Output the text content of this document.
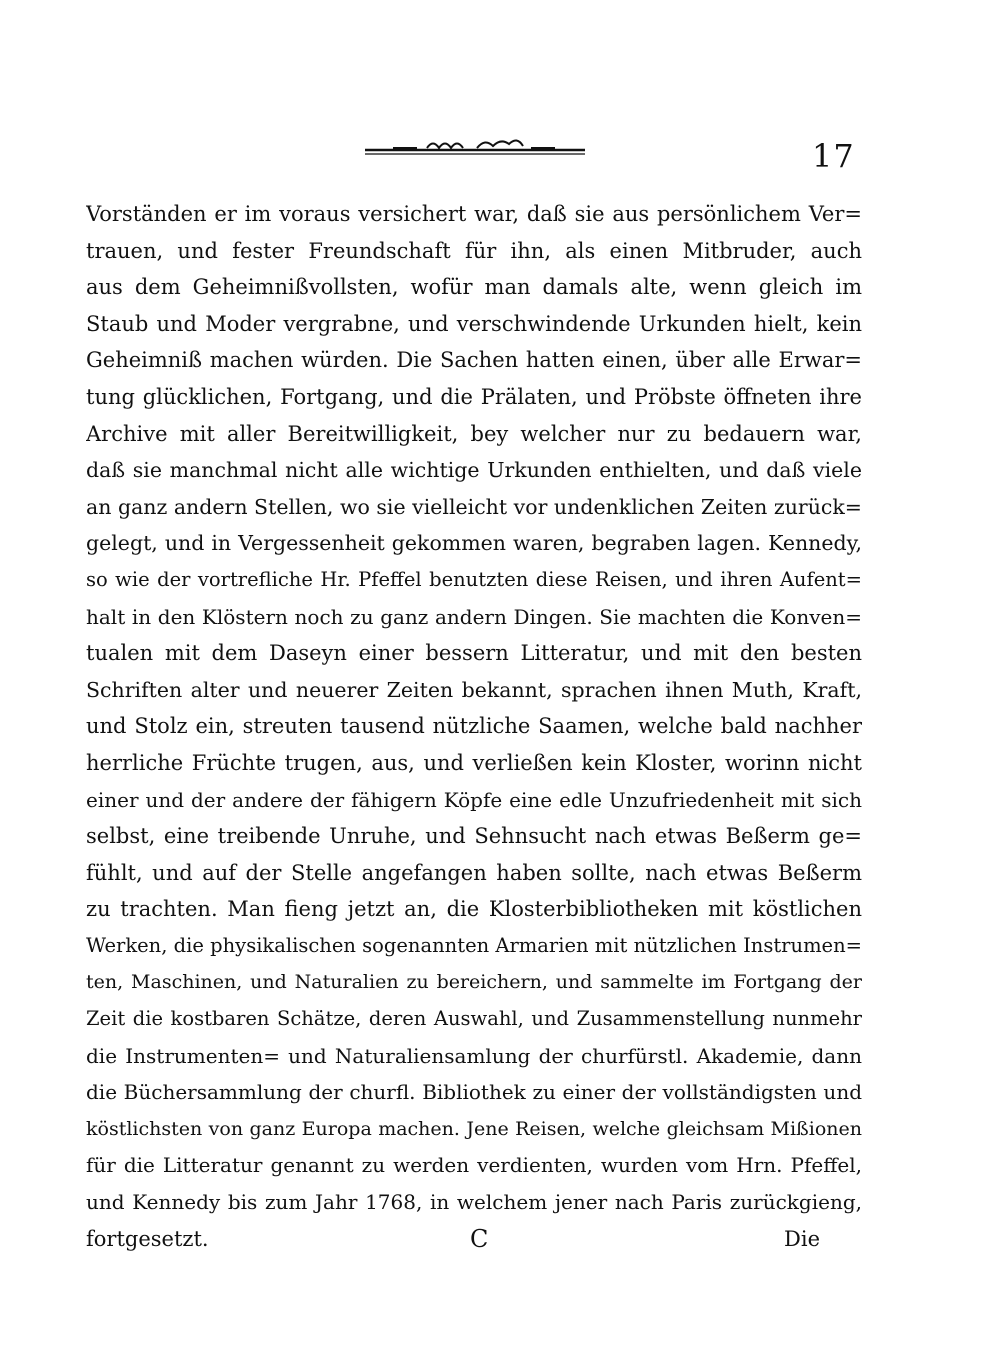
17
Vorständen er im voraus versichert war, daß sie aus persönlichem Ver=
trauen, und fester Freundschaft für ihn, als einen Mitbruder, auch
aus dem Geheimnißvollsten, wofür man damals alte, wenn gleich im
Staub und Moder vergrabne, und verschwindende Urkunden hielt, kein
Geheimniß machen würden. Die Sachen hatten einen, über alle Erwar=
tung glücklichen, Fortgang, und die Prälaten, und Pröbste öffneten ihre
Archive mit aller Bereitwilligkeit, bey welcher nur zu bedauern war,
daß sie manchmal nicht alle wichtige Urkunden enthielten, und daß viele
an ganz andern Stellen, wo sie vielleicht vor undenklichen Zeiten zurück=
gelegt, und in Vergessenheit gekommen waren, begraben lagen. Kennedy,
so wie der vortrefliche Hr. Pfeffel benutzten diese Reisen, und ihren Aufent=
halt in den Klöstern noch zu ganz andern Dingen. Sie machten die Konven=
tualen mit dem Daseyn einer bessern Litteratur, und mit den besten
Schriften alter und neuerer Zeiten bekannt, sprachen ihnen Muth, Kraft,
und Stolz ein, streuten tausend nützliche Saamen, welche bald nachher
herrliche Früchte trugen, aus, und verließen kein Kloster, worinn nicht
einer und der andere der fähigern Köpfe eine edle Unzufriedenheit mit sich
selbst, eine treibende Unruhe, und Sehnsucht nach etwas Beßerm ge=
fühlt, und auf der Stelle angefangen haben sollte, nach etwas Beßerm
zu trachten. Man fieng jetzt an, die Klosterbibliotheken mit köstlichen
Werken, die physikalischen sogenannten Armarien mit nützlichen Instrumen=
ten, Maschinen, und Naturalien zu bereichern, und sammelte im Fortgang der
Zeit die kostbaren Schätze, deren Auswahl, und Zusammenstellung nunmehr
die Instrumenten= und Naturaliensamlung der churfürstl. Akademie, dann
die Büchersammlung der churfl. Bibliothek zu einer der vollständigsten und
köstlichsten von ganz Europa machen. Jene Reisen, welche gleichsam Mißionen
für die Litteratur genannt zu werden verdienten, wurden vom Hrn. Pfeffel,
und Kennedy bis zum Jahr 1768, in welchem jener nach Paris zurückgieng,
fortgesetzt.	C	Die
